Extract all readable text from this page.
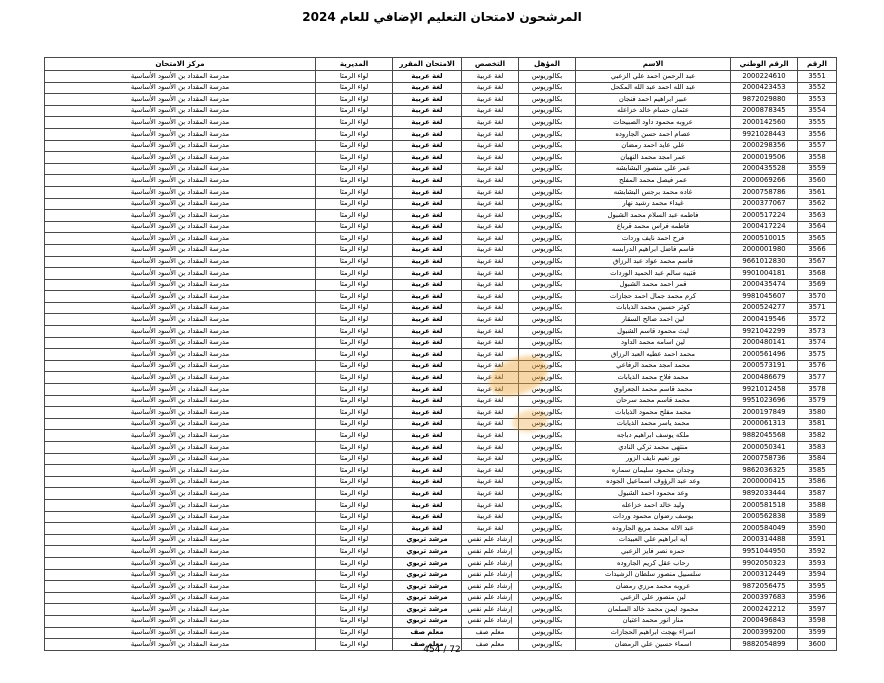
المرشحون لامتحان التعليم الإضافي للعام 2024
الرقم	الرقم الوطني	الاسم	المؤهل	التخصص	الامتحان المقرر	المديرية	مركز الامتحان
3551	2000224610	عبد الرحمن احمد علي الزعبي	بكالوريوس	لغة عربية	لغة عربية	لواء الرمثا	مدرسة المقداد بن الأسود الأساسية
3552	2000423453	عبد الله احمد عبد الله المكحل	بكالوريوس	لغة عربية	لغة عربية	لواء الرمثا	مدرسة المقداد بن الأسود الأساسية
3553	9872029880	عبير ابراهيم احمد فنجان	بكالوريوس	لغة عربية	لغة عربية	لواء الرمثا	مدرسة المقداد بن الأسود الأساسية
3554	2000878345	عثمان حسام خالد خزاعله	بكالوريوس	لغة عربية	لغة عربية	لواء الرمثا	مدرسة المقداد بن الأسود الأساسية
3555	2000142560	عروبه محمود داود الصبيحات	بكالوريوس	لغة عربية	لغة عربية	لواء الرمثا	مدرسة المقداد بن الأسود الأساسية
3556	9921028443	عصام احمد حسن الجاروده	بكالوريوس	لغة عربية	لغة عربية	لواء الرمثا	مدرسة المقداد بن الأسود الأساسية
3557	2000298356	علي عايد احمد رمضان	بكالوريوس	لغة عربية	لغة عربية	لواء الرمثا	مدرسة المقداد بن الأسود الأساسية
3558	2000019506	عمر امجد محمد النهيان	بكالوريوس	لغة عربية	لغة عربية	لواء الرمثا	مدرسة المقداد بن الأسود الأساسية
3559	2000435528	عمر علي منصور البشابشه	بكالوريوس	لغة عربية	لغة عربية	لواء الرمثا	مدرسة المقداد بن الأسود الأساسية
3560	2000069266	عمر فيصل محمد المفلح	بكالوريوس	لغة عربية	لغة عربية	لواء الرمثا	مدرسة المقداد بن الأسود الأساسية
3561	2000758786	غاده محمد برجس البشابشه	بكالوريوس	لغة عربية	لغة عربية	لواء الرمثا	مدرسة المقداد بن الأسود الأساسية
3562	2000377067	غيداء محمد رشيد نهار	بكالوريوس	لغة عربية	لغة عربية	لواء الرمثا	مدرسة المقداد بن الأسود الأساسية
3563	2000517224	فاطمه عبد السلام محمد الشبول	بكالوريوس	لغة عربية	لغة عربية	لواء الرمثا	مدرسة المقداد بن الأسود الأساسية
3564	2000417224	فاطمه فراس محمد قرباع	بكالوريوس	لغة عربية	لغة عربية	لواء الرمثا	مدرسة المقداد بن الأسود الأساسية
3565	2000510015	فرح احمد نايف وردات	بكالوريوس	لغة عربية	لغة عربية	لواء الرمثا	مدرسة المقداد بن الأسود الأساسية
3566	2000001980	قاسم فاضل ابراهيم الدرابسه	بكالوريوس	لغة عربية	لغة عربية	لواء الرمثا	مدرسة المقداد بن الأسود الأساسية
3567	9661012830	قاسم محمد عواد عبد الرزاق	بكالوريوس	لغة عربية	لغة عربية	لواء الرمثا	مدرسة المقداد بن الأسود الأساسية
3568	9901004181	قتيبه سالم عبد الحميد الوردات	بكالوريوس	لغة عربية	لغة عربية	لواء الرمثا	مدرسة المقداد بن الأسود الأساسية
3569	2000435474	قمر احمد محمد الشبول	بكالوريوس	لغة عربية	لغة عربية	لواء الرمثا	مدرسة المقداد بن الأسود الأساسية
3570	9981045607	كرم محمد جمال احمد حجازات	بكالوريوس	لغة عربية	لغة عربية	لواء الرمثا	مدرسة المقداد بن الأسود الأساسية
3571	2000524277	كوثر حسين محمد الذيابات	بكالوريوس	لغة عربية	لغة عربية	لواء الرمثا	مدرسة المقداد بن الأسود الأساسية
3572	2000419546	لين احمد صالح السقار	بكالوريوس	لغة عربية	لغة عربية	لواء الرمثا	مدرسة المقداد بن الأسود الأساسية
3573	9921042299	ليث محمود قاسم الشبول	بكالوريوس	لغة عربية	لغة عربية	لواء الرمثا	مدرسة المقداد بن الأسود الأساسية
3574	2000480141	لين اسامه محمد الداود	بكالوريوس	لغة عربية	لغة عربية	لواء الرمثا	مدرسة المقداد بن الأسود الأساسية
3575	2000561496	محمد احمد عطيه العبد الرزاق	بكالوريوس	لغة عربية	لغة عربية	لواء الرمثا	مدرسة المقداد بن الأسود الأساسية
3576	2000573191	محمد امجد محمد الرفاعي	بكالوريوس	لغة عربية	لغة عربية	لواء الرمثا	مدرسة المقداد بن الأسود الأساسية
3577	2000486679	محمد فلاح محمد الذيابات	بكالوريوس	لغة عربية	لغة عربية	لواء الرمثا	مدرسة المقداد بن الأسود الأساسية
3578	9921012458	محمد قاسم محمد الجعراوي	بكالوريوس	لغة عربية	لغة عربية	لواء الرمثا	مدرسة المقداد بن الأسود الأساسية
3579	9951023696	محمد قاسم محمد سرحان	بكالوريوس	لغة عربية	لغة عربية	لواء الرمثا	مدرسة المقداد بن الأسود الأساسية
3580	2000197849	محمد مفلح محمود الذيابات	بكالوريوس	لغة عربية	لغة عربية	لواء الرمثا	مدرسة المقداد بن الأسود الأساسية
3581	2000061313	محمد ياسر محمد الذيابات	بكالوريوس	لغة عربية	لغة عربية	لواء الرمثا	مدرسة المقداد بن الأسود الأساسية
3582	9882045568	ملكه يوسف ابراهيم دباجه	بكالوريوس	لغة عربية	لغة عربية	لواء الرمثا	مدرسة المقداد بن الأسود الأساسية
3583	2000050341	منتهى محمد تركي النادي	بكالوريوس	لغة عربية	لغة عربية	لواء الرمثا	مدرسة المقداد بن الأسود الأساسية
3584	2000758736	نور نعيم نايف الزور	بكالوريوس	لغة عربية	لغة عربية	لواء الرمثا	مدرسة المقداد بن الأسود الأساسية
3585	9862036325	وجدان محمود سليمان سماره	بكالوريوس	لغة عربية	لغة عربية	لواء الرمثا	مدرسة المقداد بن الأسود الأساسية
3586	2000000415	وعد عبد الرؤوف اسماعيل الجوده	بكالوريوس	لغة عربية	لغة عربية	لواء الرمثا	مدرسة المقداد بن الأسود الأساسية
3587	9892033444	وعد محمود احمد الشبول	بكالوريوس	لغة عربية	لغة عربية	لواء الرمثا	مدرسة المقداد بن الأسود الأساسية
3588	2000581518	وليد خالد احمد خزاعله	بكالوريوس	لغة عربية	لغة عربية	لواء الرمثا	مدرسة المقداد بن الأسود الأساسية
3589	2000562838	يوسف رضوان محمود وردات	بكالوريوس	لغة عربية	لغة عربية	لواء الرمثا	مدرسة المقداد بن الأسود الأساسية
3590	2000584049	عبد الاله محمد مريع الجاروده	بكالوريوس	لغة عربية	لغة عربية	لواء الرمثا	مدرسة المقداد بن الأسود الأساسية
3591	2000314488	آيه ابراهيم علي العبيدات	بكالوريوس	إرشاد علم نفس	مرشد تربوي	لواء الرمثا	مدرسة المقداد بن الأسود الأساسية
3592	9951044950	حمزه نصر فايز الزعبي	بكالوريوس	إرشاد علم نفس	مرشد تربوي	لواء الرمثا	مدرسة المقداد بن الأسود الأساسية
3593	9902050323	رحاب عقل كريم الجاروده	بكالوريوس	إرشاد علم نفس	مرشد تربوي	لواء الرمثا	مدرسة المقداد بن الأسود الأساسية
3594	2000312449	سلسبيل منصور سلطان الرشيدات	بكالوريوس	إرشاد علم نفس	مرشد تربوي	لواء الرمثا	مدرسة المقداد بن الأسود الأساسية
3595	9872056475	عروبه محمد مرزي رمضان	بكالوريوس	إرشاد علم نفس	مرشد تربوي	لواء الرمثا	مدرسة المقداد بن الأسود الأساسية
3596	2000397683	لين منصور علي الزعبي	بكالوريوس	إرشاد علم نفس	مرشد تربوي	لواء الرمثا	مدرسة المقداد بن الأسود الأساسية
3597	2000242212	محمود ايمن محمد خالد السلمان	بكالوريوس	إرشاد علم نفس	مرشد تربوي	لواء الرمثا	مدرسة المقداد بن الأسود الأساسية
3598	2000496843	منار انور محمد اعتيان	بكالوريوس	إرشاد علم نفس	مرشد تربوي	لواء الرمثا	مدرسة المقداد بن الأسود الأساسية
3599	2000399200	اسراء بهجت ابراهيم الحجازات	بكالوريوس	معلم صف	معلم صف	لواء الرمثا	مدرسة المقداد بن الأسود الأساسية
3600	9882054899	اسماء حسين علي الرمضان	بكالوريوس	معلم صف	معلم صف	لواء الرمثا	مدرسة المقداد بن الأسود الأساسية
72 / 454
